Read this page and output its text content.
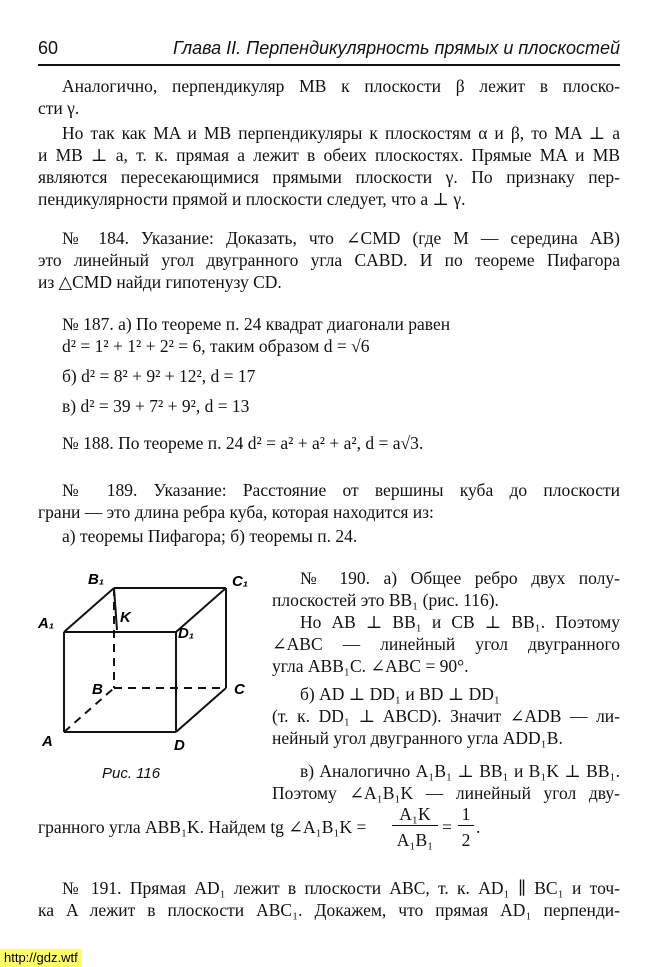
60	Глава II. Перпендикулярность прямых и плоскостей
Аналогично, перпендикуляр MB к плоскости β лежит в плоско-
сти γ.
Но так как MA и MB перпендикуляры к плоскостям α и β, то MA ⊥ a
и MB ⊥ a, т. к. прямая a лежит в обеих плоскостях. Прямые MA и MB
являются пересекающимися прямыми плоскости γ. По признаку пер-
пендикулярности прямой и плоскости следует, что a ⊥ γ.
№ 184. Указание: Доказать, что ∠CMD (где M — середина AB)
это линейный угол двугранного угла CABD. И по теореме Пифагора
из △CMD найди гипотенузу CD.
№ 187. а) По теореме п. 24 квадрат диагонали равен
d² = 1² + 1² + 2² = 6, таким образом d = √6
б) d² = 8² + 9² + 12², d = 17
в) d² = 39 + 7² + 9², d = 13
№ 188. По теореме п. 24 d² = a² + a² + a², d = a√3.
№ 189. Указание: Расстояние от вершины куба до плоскости
грани — это длина ребра куба, которая находится из:
а) теоремы Пифагора; б) теоремы п. 24.
B₁	C₁
A₁
D₁
K
B	C
A	D
Рис. 116
№ 190. а) Общее ребро двух полу-
плоскостей это BB₁ (рис. 116).
Но AB ⊥ BB₁ и CB ⊥ BB₁. Поэтому
∠ABC — линейный угол двугранного
угла ABB₁C. ∠ABC = 90°.
б) AD ⊥ DD₁ и BD ⊥ DD₁
(т. к. DD₁ ⊥ ABCD). Значит ∠ADB — ли-
нейный угол двугранного угла ADD₁B.
в) Аналогично A₁B₁ ⊥ BB₁ и B₁K ⊥ BB₁.
Поэтому ∠A₁B₁K — линейный угол дву-
гранного угла ABB₁K. Найдем tg ∠A₁B₁K =
A₁K
A₁B₁
=
1
2
.
№ 191. Прямая AD₁ лежит в плоскости ABC, т. к. AD₁ ∥ BC₁ и точ-
ка A лежит в плоскости ABC₁. Докажем, что прямая AD₁ перпенди-
http://gdz.wtf
